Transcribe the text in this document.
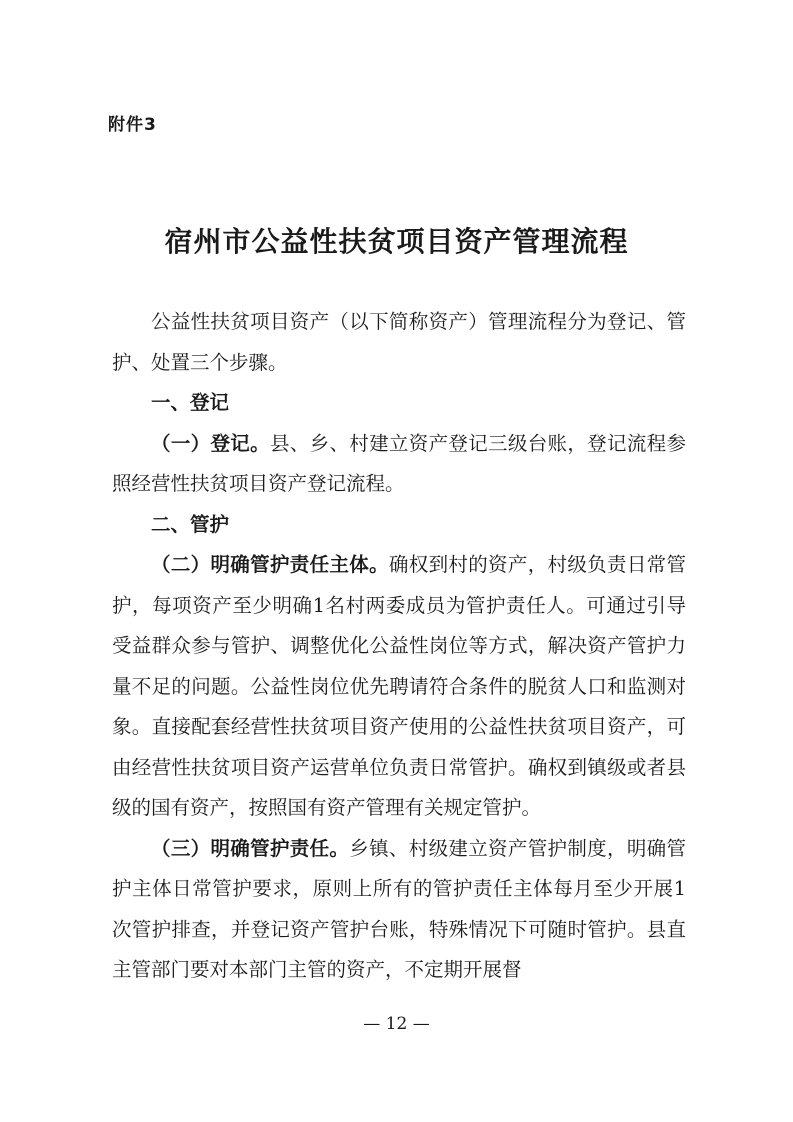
附件3
宿州市公益性扶贫项目资产管理流程

公益性扶贫项目资产（以下简称资产）管理流程分为登记、管护、处置三个步骤。

一、登记

（一）登记。县、乡、村建立资产登记三级台账，登记流程参照经营性扶贫项目资产登记流程。

二、管护

（二）明确管护责任主体。确权到村的资产，村级负责日常管护，每项资产至少明确1名村两委成员为管护责任人。可通过引导受益群众参与管护、调整优化公益性岗位等方式，解决资产管护力量不足的问题。公益性岗位优先聘请符合条件的脱贫人口和监测对象。直接配套经营性扶贫项目资产使用的公益性扶贫项目资产，可由经营性扶贫项目资产运营单位负责日常管护。确权到镇级或者县级的国有资产，按照国有资产管理有关规定管护。

（三）明确管护责任。乡镇、村级建立资产管护制度，明确管护主体日常管护要求，原则上所有的管护责任主体每月至少开展1次管护排查，并登记资产管护台账，特殊情况下可随时管护。县直主管部门要对本部门主管的资产，不定期开展督

— 12 —
